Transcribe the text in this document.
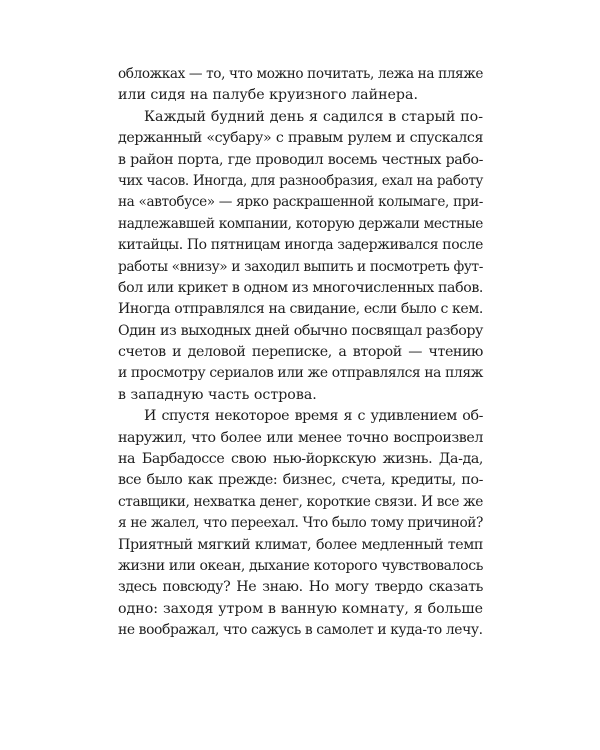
обложках — то, что можно почитать, лежа на пляже
или сидя на палубе круизного лайнера.
Каждый будний день я садился в старый по-
держанный «субару» с правым рулем и спускался
в район порта, где проводил восемь честных рабо-
чих часов. Иногда, для разнообразия, ехал на работу
на «автобусе» — ярко раскрашенной колымаге, при-
надлежавшей компании, которую держали местные
китайцы. По пятницам иногда задерживался после
работы «внизу» и заходил выпить и посмотреть фут-
бол или крикет в одном из многочисленных пабов.
Иногда отправлялся на свидание, если было с кем.
Один из выходных дней обычно посвящал разбору
счетов и деловой переписке, а второй — чтению
и просмотру сериалов или же отправлялся на пляж
в западную часть острова.
И спустя некоторое время я с удивлением об-
наружил, что более или менее точно воспроизвел
на Барбадоссе свою нью-йоркскую жизнь. Да-да,
все было как прежде: бизнес, счета, кредиты, по-
ставщики, нехватка денег, короткие связи. И все же
я не жалел, что переехал. Что было тому причиной?
Приятный мягкий климат, более медленный темп
жизни или океан, дыхание которого чувствовалось
здесь повсюду? Не знаю. Но могу твердо сказать
одно: заходя утром в ванную комнату, я больше
не воображал, что сажусь в самолет и куда-то лечу.
